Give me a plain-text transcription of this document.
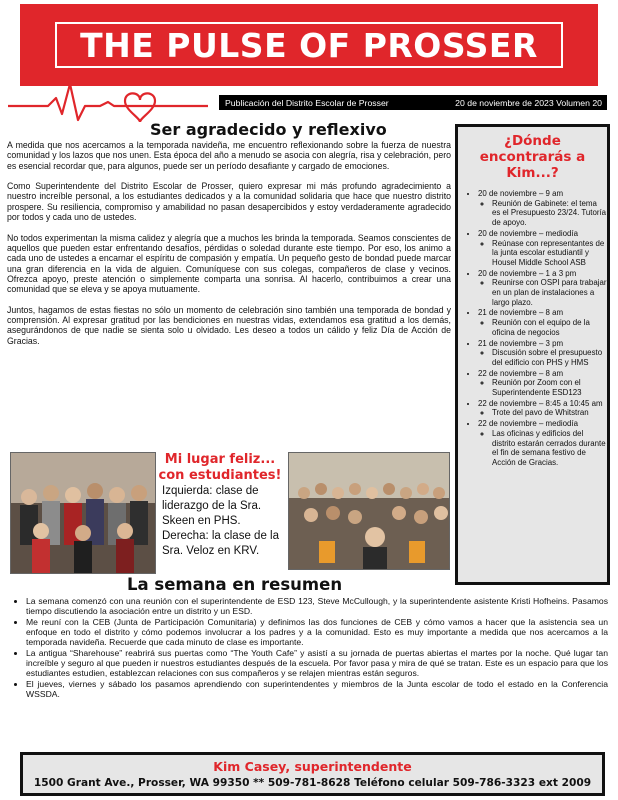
THE PULSE OF PROSSER
Publicación del Distrito Escolar de Prosser	20 de noviembre de 2023 Volumen 20
Ser agradecido y reflexivo

A medida que nos acercamos a la temporada navideña, me encuentro reflexionando sobre la fuerza de nuestra comunidad y los lazos que nos unen. Esta época del año a menudo se asocia con alegría, risa y celebración, pero es esencial recordar que, para algunos, puede ser un período desafiante y cargado de emociones.

Como Superintendente del Distrito Escolar de Prosser, quiero expresar mi más profundo agradecimiento a nuestro increíble personal, a los estudiantes dedicados y a la comunidad solidaria que hace que nuestro distrito prospere. Su resiliencia, compromiso y amabilidad no pasan desapercibidos y estoy verdaderamente agradecido por todos y cada uno de ustedes.

No todos experimentan la misma calidez y alegría que a muchos les brinda la temporada. Seamos conscientes de aquellos que pueden estar enfrentando desafíos, pérdidas o soledad durante este tiempo. Por eso, los animo a cada uno de ustedes a encarnar el espíritu de compasión y empatía. Un pequeño gesto de bondad puede marcar una gran diferencia en la vida de alguien. Comuníquese con sus colegas, compañeros de clase y vecinos. Ofrezca apoyo, preste atención o simplemente comparta una sonrisa. Al hacerlo, contribuimos a crear una comunidad que se eleva y se apoya mutuamente.

Juntos, hagamos de estas fiestas no sólo un momento de celebración sino también una temporada de bondad y comprensión. Al expresar gratitud por las bendiciones en nuestras vidas, extendamos esa gratitud a los demás, asegurándonos de que nadie se sienta solo u olvidado. Les deseo a todos un cálido y feliz Día de Acción de Gracias.

¿Dónde encontrarás a Kim...?
• 20 de noviembre – 9 am
◦ Reunión de Gabinete: el tema es el Presupuesto 23/24. Tutoría de apoyo.
• 20 de noviembre – mediodía
◦ Reúnase con representantes de la junta escolar estudiantil y Housel Middle School ASB
• 20 de noviembre – 1 a 3 pm
◦ Reunirse con OSPI para trabajar en un plan de instalaciones a largo plazo.
• 21 de noviembre – 8 am
◦ Reunión con el equipo de la oficina de negocios
• 21 de noviembre – 3 pm
◦ Discusión sobre el presupuesto del edificio con PHS y HMS
• 22 de noviembre – 8 am
◦ Reunión por Zoom con el Superintendente ESD123
• 22 de noviembre – 8:45 a 10:45 am
◦ Trote del pavo de Whitstran
• 22 de noviembre – mediodía
◦ Las oficinas y edificios del distrito estarán cerrados durante el fin de semana festivo de Acción de Gracias.
Mi lugar feliz...
con estudiantes!
Izquierda: clase de liderazgo de la Sra. Skeen en PHS. Derecha: la clase de la Sra. Veloz en KRV.
La semana en resumen
• La semana comenzó con una reunión con el superintendente de ESD 123, Steve McCullough, y la superintendente asistente Kristi Hofheins. Pasamos tiempo discutiendo la asociación entre un distrito y un ESD.
• Me reuní con la CEB (Junta de Participación Comunitaria) y definimos las dos funciones de CEB y cómo vamos a hacer que la asistencia sea un enfoque en todo el distrito y cómo podemos involucrar a los padres y a la comunidad. Esto es muy importante a medida que nos acercamos a la temporada navideña. Recuerde que cada minuto de clase es importante.
• La antigua “Sharehouse” reabrirá sus puertas como “The Youth Cafe” y asistí a su jornada de puertas abiertas el martes por la noche. Qué lugar tan increíble y seguro al que pueden ir nuestros estudiantes después de la escuela. Por favor pasa y mira de qué se tratan. Este es un espacio para que los estudiantes estudien, establezcan relaciones con sus compañeros y se relajen mientras están seguros.
• El jueves, viernes y sábado los pasamos aprendiendo con superintendentes y miembros de la Junta escolar de todo el estado en la Conferencia WSSDA.
Kim Casey, superintendente
1500 Grant Ave., Prosser, WA 99350 ** 509-781-8628 Teléfono celular 509-786-3323 ext 2009
